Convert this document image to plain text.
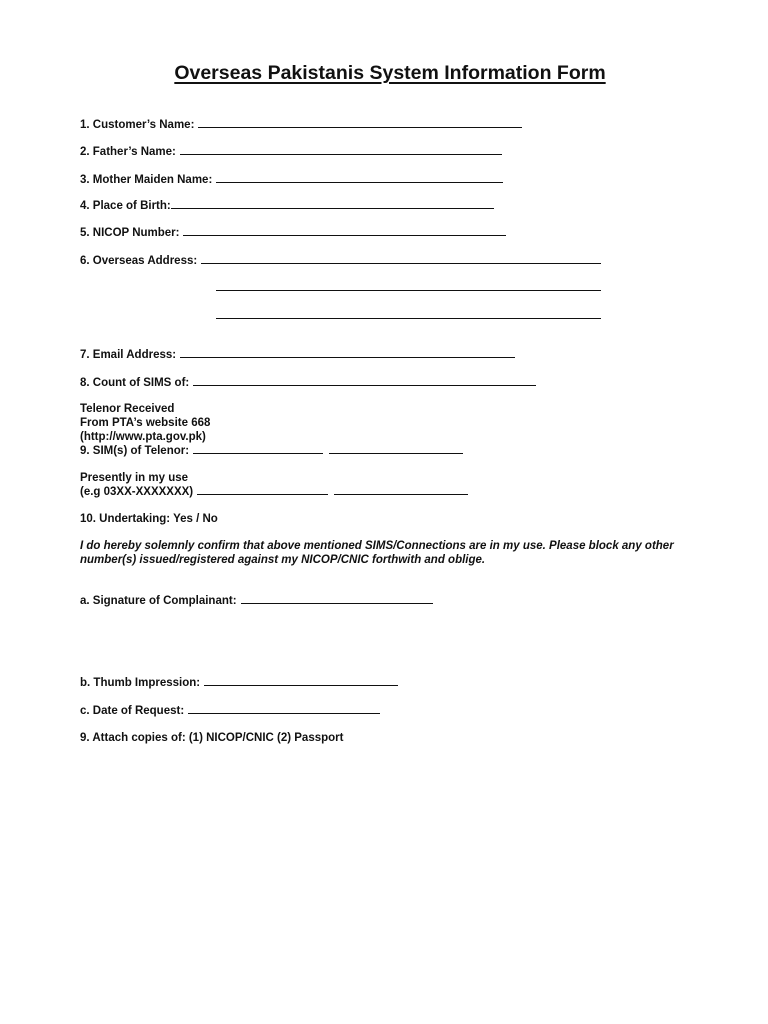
Overseas Pakistanis System Information Form
1. Customer’s Name:
2. Father’s Name:
3. Mother Maiden Name:
4. Place of Birth:
5. NICOP Number:
6. Overseas Address:
7. Email Address:
8. Count of SIMS of:
Telenor Received
From PTA’s website 668
(http://www.pta.gov.pk)
9. SIM(s) of Telenor:
Presently in my use
(e.g 03XX-XXXXXXX)
10. Undertaking: Yes / No
I do hereby solemnly confirm that above mentioned SIMS/Connections are in my use. Please block any other number(s) issued/registered against my NICOP/CNIC forthwith and oblige.
a. Signature of Complainant:
b. Thumb Impression:
c. Date of Request:
9. Attach copies of: (1) NICOP/CNIC (2) Passport
